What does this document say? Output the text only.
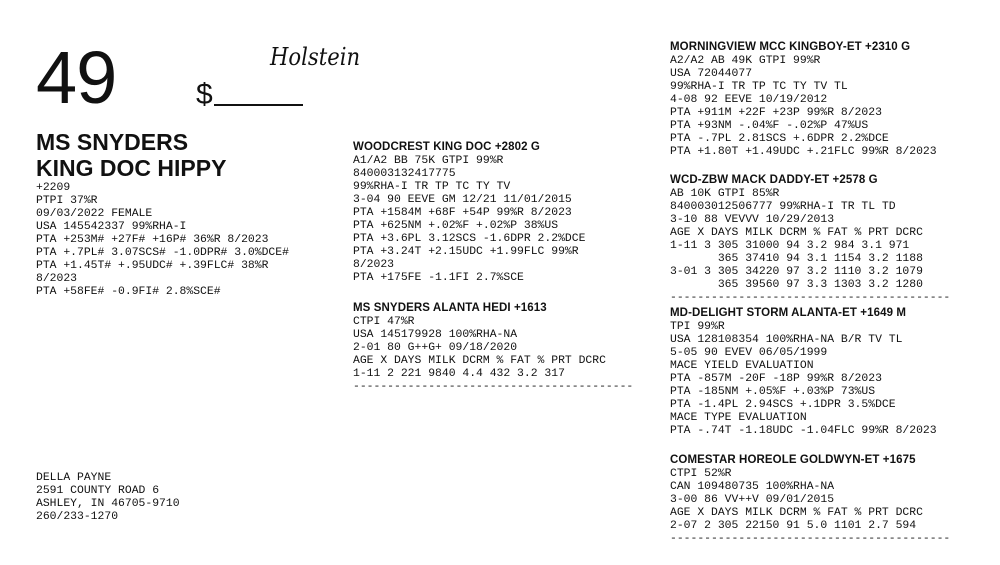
49	$
Holstein
MS SNYDERS
KING DOC HIPPY
+2209
PTPI 37%R
09/03/2022 FEMALE
USA 145542337 99%RHA-I
PTA +253M# +27F# +16P# 36%R 8/2023
PTA +.7PL# 3.07SCS# -1.0DPR# 3.0%DCE#
PTA +1.45T# +.95UDC# +.39FLC# 38%R
8/2023
PTA +58FE# -0.9FI# 2.8%SCE#
DELLA PAYNE
2591 COUNTY ROAD 6
ASHLEY, IN 46705-9710
260/233-1270
WOODCREST KING DOC +2802 G
A1/A2 BB 75K GTPI 99%R
840003132417775
99%RHA-I TR TP TC TY TV
3-04 90 EEVE GM 12/21 11/01/2015
PTA +1584M +68F +54P 99%R 8/2023
PTA +625NM +.02%F +.02%P 38%US
PTA +3.6PL 3.12SCS -1.6DPR 2.2%DCE
PTA +3.24T +2.15UDC +1.99FLC 99%R
8/2023
PTA +175FE -1.1FI 2.7%SCE
MS SNYDERS ALANTA HEDI +1613
CTPI 47%R
USA 145179928 100%RHA-NA
2-01 80 G++G+ 09/18/2020
AGE X DAYS MILK DCRM % FAT % PRT DCRC
1-11 2 221 9840 4.4 432 3.2 317
-----------------------------------------
MORNINGVIEW MCC KINGBOY-ET +2310 G
A2/A2 AB 49K GTPI 99%R
USA 72044077
99%RHA-I TR TP TC TY TV TL
4-08 92 EEVE 10/19/2012
PTA +911M +22F +23P 99%R 8/2023
PTA +93NM -.04%F -.02%P 47%US
PTA -.7PL 2.81SCS +.6DPR 2.2%DCE
PTA +1.80T +1.49UDC +.21FLC 99%R 8/2023
WCD-ZBW MACK DADDY-ET +2578 G
AB 10K GTPI 85%R
840003012506777 99%RHA-I TR TL TD
3-10 88 VEVVV 10/29/2013
AGE X DAYS MILK DCRM % FAT % PRT DCRC
1-11 3 305 31000 94 3.2 984 3.1 971
365 37410 94 3.1 1154 3.2 1188
3-01 3 305 34220 97 3.2 1110 3.2 1079
365 39560 97 3.3 1303 3.2 1280
-----------------------------------------
MD-DELIGHT STORM ALANTA-ET +1649 M
TPI 99%R
USA 128108354 100%RHA-NA B/R TV TL
5-05 90 EVEV 06/05/1999
MACE YIELD EVALUATION
PTA -857M -20F -18P 99%R 8/2023
PTA -185NM +.05%F +.03%P 73%US
PTA -1.4PL 2.94SCS +.1DPR 3.5%DCE
MACE TYPE EVALUATION
PTA -.74T -1.18UDC -1.04FLC 99%R 8/2023
COMESTAR HOREOLE GOLDWYN-ET +1675
CTPI 52%R
CAN 109480735 100%RHA-NA
3-00 86 VV++V 09/01/2015
AGE X DAYS MILK DCRM % FAT % PRT DCRC
2-07 2 305 22150 91 5.0 1101 2.7 594
-----------------------------------------
